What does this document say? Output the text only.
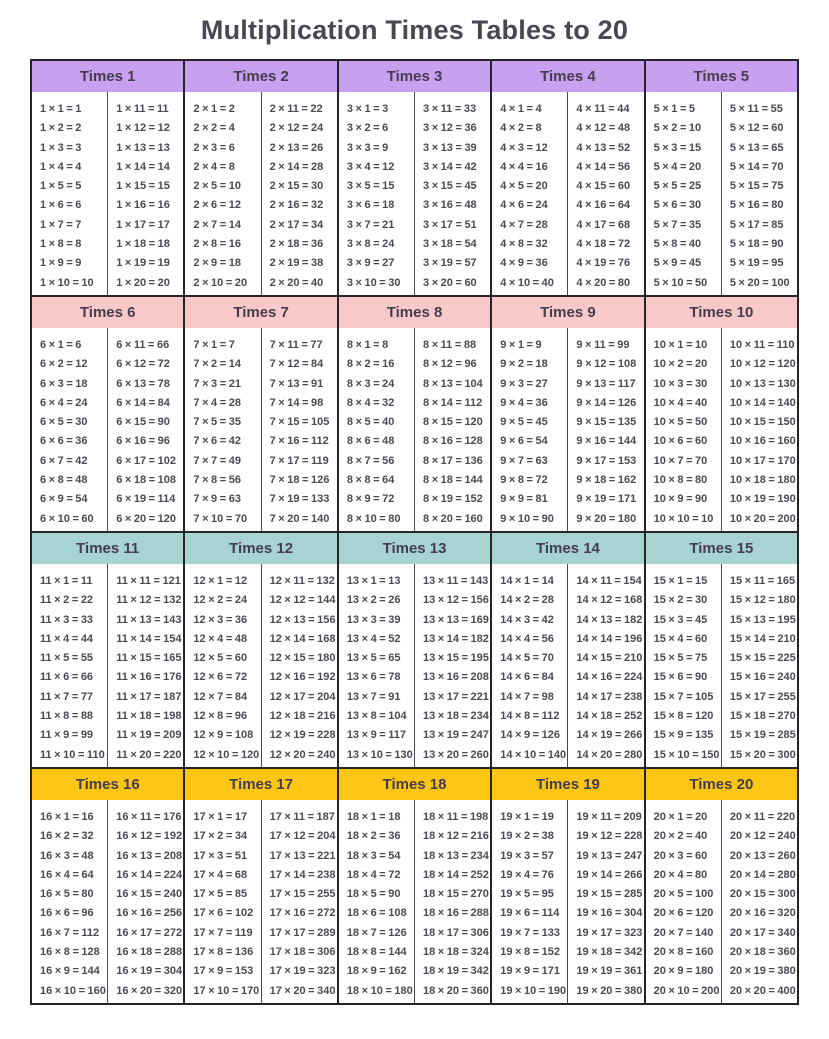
Multiplication Times Tables to 20
Times 1
1 × 1 = 1
1 × 2 = 2
1 × 3 = 3
1 × 4 = 4
1 × 5 = 5
1 × 6 = 6
1 × 7 = 7
1 × 8 = 8
1 × 9 = 9
1 × 10 = 10
1 × 11 = 11
1 × 12 = 12
1 × 13 = 13
1 × 14 = 14
1 × 15 = 15
1 × 16 = 16
1 × 17 = 17
1 × 18 = 18
1 × 19 = 19
1 × 20 = 20
Times 2
2 × 1 = 2
2 × 2 = 4
2 × 3 = 6
2 × 4 = 8
2 × 5 = 10
2 × 6 = 12
2 × 7 = 14
2 × 8 = 16
2 × 9 = 18
2 × 10 = 20
2 × 11 = 22
2 × 12 = 24
2 × 13 = 26
2 × 14 = 28
2 × 15 = 30
2 × 16 = 32
2 × 17 = 34
2 × 18 = 36
2 × 19 = 38
2 × 20 = 40
Times 3
3 × 1 = 3
3 × 2 = 6
3 × 3 = 9
3 × 4 = 12
3 × 5 = 15
3 × 6 = 18
3 × 7 = 21
3 × 8 = 24
3 × 9 = 27
3 × 10 = 30
3 × 11 = 33
3 × 12 = 36
3 × 13 = 39
3 × 14 = 42
3 × 15 = 45
3 × 16 = 48
3 × 17 = 51
3 × 18 = 54
3 × 19 = 57
3 × 20 = 60
Times 4
4 × 1 = 4
4 × 2 = 8
4 × 3 = 12
4 × 4 = 16
4 × 5 = 20
4 × 6 = 24
4 × 7 = 28
4 × 8 = 32
4 × 9 = 36
4 × 10 = 40
4 × 11 = 44
4 × 12 = 48
4 × 13 = 52
4 × 14 = 56
4 × 15 = 60
4 × 16 = 64
4 × 17 = 68
4 × 18 = 72
4 × 19 = 76
4 × 20 = 80
Times 5
5 × 1 = 5
5 × 2 = 10
5 × 3 = 15
5 × 4 = 20
5 × 5 = 25
5 × 6 = 30
5 × 7 = 35
5 × 8 = 40
5 × 9 = 45
5 × 10 = 50
5 × 11 = 55
5 × 12 = 60
5 × 13 = 65
5 × 14 = 70
5 × 15 = 75
5 × 16 = 80
5 × 17 = 85
5 × 18 = 90
5 × 19 = 95
5 × 20 = 100
Times 6
6 × 1 = 6
6 × 2 = 12
6 × 3 = 18
6 × 4 = 24
6 × 5 = 30
6 × 6 = 36
6 × 7 = 42
6 × 8 = 48
6 × 9 = 54
6 × 10 = 60
6 × 11 = 66
6 × 12 = 72
6 × 13 = 78
6 × 14 = 84
6 × 15 = 90
6 × 16 = 96
6 × 17 = 102
6 × 18 = 108
6 × 19 = 114
6 × 20 = 120
Times 7
7 × 1 = 7
7 × 2 = 14
7 × 3 = 21
7 × 4 = 28
7 × 5 = 35
7 × 6 = 42
7 × 7 = 49
7 × 8 = 56
7 × 9 = 63
7 × 10 = 70
7 × 11 = 77
7 × 12 = 84
7 × 13 = 91
7 × 14 = 98
7 × 15 = 105
7 × 16 = 112
7 × 17 = 119
7 × 18 = 126
7 × 19 = 133
7 × 20 = 140
Times 8
8 × 1 = 8
8 × 2 = 16
8 × 3 = 24
8 × 4 = 32
8 × 5 = 40
8 × 6 = 48
8 × 7 = 56
8 × 8 = 64
8 × 9 = 72
8 × 10 = 80
8 × 11 = 88
8 × 12 = 96
8 × 13 = 104
8 × 14 = 112
8 × 15 = 120
8 × 16 = 128
8 × 17 = 136
8 × 18 = 144
8 × 19 = 152
8 × 20 = 160
Times 9
9 × 1 = 9
9 × 2 = 18
9 × 3 = 27
9 × 4 = 36
9 × 5 = 45
9 × 6 = 54
9 × 7 = 63
9 × 8 = 72
9 × 9 = 81
9 × 10 = 90
9 × 11 = 99
9 × 12 = 108
9 × 13 = 117
9 × 14 = 126
9 × 15 = 135
9 × 16 = 144
9 × 17 = 153
9 × 18 = 162
9 × 19 = 171
9 × 20 = 180
Times 10
10 × 1 = 10
10 × 2 = 20
10 × 3 = 30
10 × 4 = 40
10 × 5 = 50
10 × 6 = 60
10 × 7 = 70
10 × 8 = 80
10 × 9 = 90
10 × 10 = 10
10 × 11 = 110
10 × 12 = 120
10 × 13 = 130
10 × 14 = 140
10 × 15 = 150
10 × 16 = 160
10 × 17 = 170
10 × 18 = 180
10 × 19 = 190
10 × 20 = 200
Times 11
11 × 1 = 11
11 × 2 = 22
11 × 3 = 33
11 × 4 = 44
11 × 5 = 55
11 × 6 = 66
11 × 7 = 77
11 × 8 = 88
11 × 9 = 99
11 × 10 = 110
11 × 11 = 121
11 × 12 = 132
11 × 13 = 143
11 × 14 = 154
11 × 15 = 165
11 × 16 = 176
11 × 17 = 187
11 × 18 = 198
11 × 19 = 209
11 × 20 = 220
Times 12
12 × 1 = 12
12 × 2 = 24
12 × 3 = 36
12 × 4 = 48
12 × 5 = 60
12 × 6 = 72
12 × 7 = 84
12 × 8 = 96
12 × 9 = 108
12 × 10 = 120
12 × 11 = 132
12 × 12 = 144
12 × 13 = 156
12 × 14 = 168
12 × 15 = 180
12 × 16 = 192
12 × 17 = 204
12 × 18 = 216
12 × 19 = 228
12 × 20 = 240
Times 13
13 × 1 = 13
13 × 2 = 26
13 × 3 = 39
13 × 4 = 52
13 × 5 = 65
13 × 6 = 78
13 × 7 = 91
13 × 8 = 104
13 × 9 = 117
13 × 10 = 130
13 × 11 = 143
13 × 12 = 156
13 × 13 = 169
13 × 14 = 182
13 × 15 = 195
13 × 16 = 208
13 × 17 = 221
13 × 18 = 234
13 × 19 = 247
13 × 20 = 260
Times 14
14 × 1 = 14
14 × 2 = 28
14 × 3 = 42
14 × 4 = 56
14 × 5 = 70
14 × 6 = 84
14 × 7 = 98
14 × 8 = 112
14 × 9 = 126
14 × 10 = 140
14 × 11 = 154
14 × 12 = 168
14 × 13 = 182
14 × 14 = 196
14 × 15 = 210
14 × 16 = 224
14 × 17 = 238
14 × 18 = 252
14 × 19 = 266
14 × 20 = 280
Times 15
15 × 1 = 15
15 × 2 = 30
15 × 3 = 45
15 × 4 = 60
15 × 5 = 75
15 × 6 = 90
15 × 7 = 105
15 × 8 = 120
15 × 9 = 135
15 × 10 = 150
15 × 11 = 165
15 × 12 = 180
15 × 13 = 195
15 × 14 = 210
15 × 15 = 225
15 × 16 = 240
15 × 17 = 255
15 × 18 = 270
15 × 19 = 285
15 × 20 = 300
Times 16
16 × 1 = 16
16 × 2 = 32
16 × 3 = 48
16 × 4 = 64
16 × 5 = 80
16 × 6 = 96
16 × 7 = 112
16 × 8 = 128
16 × 9 = 144
16 × 10 = 160
16 × 11 = 176
16 × 12 = 192
16 × 13 = 208
16 × 14 = 224
16 × 15 = 240
16 × 16 = 256
16 × 17 = 272
16 × 18 = 288
16 × 19 = 304
16 × 20 = 320
Times 17
17 × 1 = 17
17 × 2 = 34
17 × 3 = 51
17 × 4 = 68
17 × 5 = 85
17 × 6 = 102
17 × 7 = 119
17 × 8 = 136
17 × 9 = 153
17 × 10 = 170
17 × 11 = 187
17 × 12 = 204
17 × 13 = 221
17 × 14 = 238
17 × 15 = 255
17 × 16 = 272
17 × 17 = 289
17 × 18 = 306
17 × 19 = 323
17 × 20 = 340
Times 18
18 × 1 = 18
18 × 2 = 36
18 × 3 = 54
18 × 4 = 72
18 × 5 = 90
18 × 6 = 108
18 × 7 = 126
18 × 8 = 144
18 × 9 = 162
18 × 10 = 180
18 × 11 = 198
18 × 12 = 216
18 × 13 = 234
18 × 14 = 252
18 × 15 = 270
18 × 16 = 288
18 × 17 = 306
18 × 18 = 324
18 × 19 = 342
18 × 20 = 360
Times 19
19 × 1 = 19
19 × 2 = 38
19 × 3 = 57
19 × 4 = 76
19 × 5 = 95
19 × 6 = 114
19 × 7 = 133
19 × 8 = 152
19 × 9 = 171
19 × 10 = 190
19 × 11 = 209
19 × 12 = 228
19 × 13 = 247
19 × 14 = 266
19 × 15 = 285
19 × 16 = 304
19 × 17 = 323
19 × 18 = 342
19 × 19 = 361
19 × 20 = 380
Times 20
20 × 1 = 20
20 × 2 = 40
20 × 3 = 60
20 × 4 = 80
20 × 5 = 100
20 × 6 = 120
20 × 7 = 140
20 × 8 = 160
20 × 9 = 180
20 × 10 = 200
20 × 11 = 220
20 × 12 = 240
20 × 13 = 260
20 × 14 = 280
20 × 15 = 300
20 × 16 = 320
20 × 17 = 340
20 × 18 = 360
20 × 19 = 380
20 × 20 = 400
